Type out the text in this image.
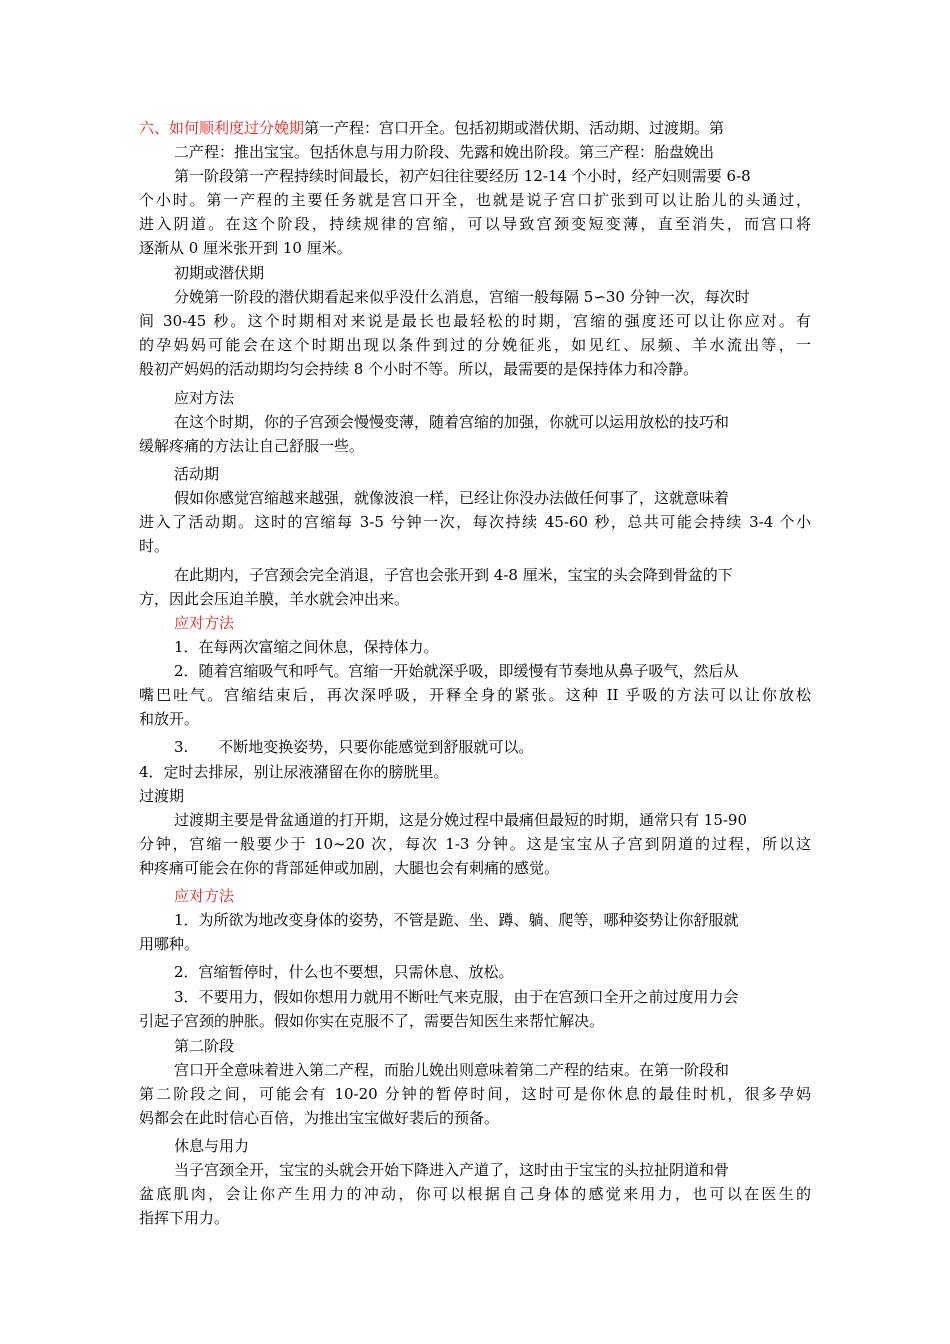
六、如何顺利度过分娩期第一产程：宫口开全。包括初期或潜伏期、活动期、过渡期。第
二产程：推出宝宝。包括休息与用力阶段、先露和娩出阶段。第三产程：胎盘娩出
第一阶段第一产程持续时间最长，初产妇往往要经历 12-14 个小时，经产妇则需要 6-8
个小时。第一产程的主要任务就是宫口开全，也就是说子宫口扩张到可以让胎儿的头通过，
进入阴道。在这个阶段，持续规律的宫缩，可以导致宫颈变短变薄，直至消失，而宫口将
逐渐从 0 厘米张开到 10 厘米。
初期或潜伏期
分娩第一阶段的潜伏期看起来似乎没什么消息，宫缩一般每隔 5∽30 分钟一次，每次时
间 30-45 秒。这个时期相对来说是最长也最轻松的时期，宫缩的强度还可以让你应对。有
的孕妈妈可能会在这个时期出现以条件到过的分娩征兆，如见红、尿频、羊水流出等，一
般初产妈妈的活动期均匀会持续 8 个小时不等。所以，最需要的是保持体力和冷静。
应对方法
在这个时期，你的子宫颈会慢慢变薄，随着宫缩的加强，你就可以运用放松的技巧和
缓解疼痛的方法让自己舒服一些。
活动期
假如你感觉宫缩越来越强，就像波浪一样，已经让你没办法做任何事了，这就意味着
进入了活动期。这时的宫缩每 3-5 兮钟一次，每次持续 45-60 秒，总共可能会持续 3-4 个小
时。
在此期内，子宫颈会完全消退，子宫也会张开到 4-8 厘米，宝宝的头会降到骨盆的下
方，因此会压迫羊膜，羊水就会冲出来。
应对方法
1．在每两次富缩之间休息，保持体力。
2．随着宫缩吸气和呼气。宫缩一开始就深乎吸，即缓慢有节奏地从鼻子吸气，然后从
嘴巴吐气。宫缩结束后，再次深呼吸，开释全身的紧张。这种 II 乎吸的方法可以让你放松
和放开。
3.　　不断地变换姿势，只要你能感觉到舒服就可以。
4．定时去排尿，别让尿液潴留在你的膀胱里。
过渡期
过渡期主要是骨盆通道的打开期，这是分娩过程中最痛但最短的时期，通常只有 15-90
分钟，宫缩一般要少于 10~20 次，每次 1-3 分钟。这是宝宝从子宫到阴道的过程，所以这
种疼痛可能会在你的背部延伸或加剧，大腿也会有刺痛的感觉。
应对方法
1．为所欲为地改变身体的姿势，不管是跪、坐、蹲、躺、爬等，哪种姿势让你舒服就
用哪种。
2．宫缩暂停时，什么也不要想，只需休息、放松。
3．不要用力，假如你想用力就用不断吐气来克服，由于在宫颈口全开之前过度用力会
引起子宫颈的肿胀。假如你实在克服不了，需要告知医生来帮忙解决。
第二阶段
宫口开全意味着进入第二产程，而胎儿娩出则意味着第二产程的结束。在第一阶段和
第二阶段之间，可能会有 10-20 分钟的暂停时间，这时可是你休息的最佳时机，很多孕妈
妈都会在此时信心百倍，为推出宝宝做好裴后的预备。
休息与用力
当子宫颈全开，宝宝的头就会开始下降进入产道了，这时由于宝宝的头拉扯阴道和骨
盆底肌肉，会让你产生用力的冲动，你可以根据自己身体的感觉来用力，也可以在医生的
指挥下用力。
